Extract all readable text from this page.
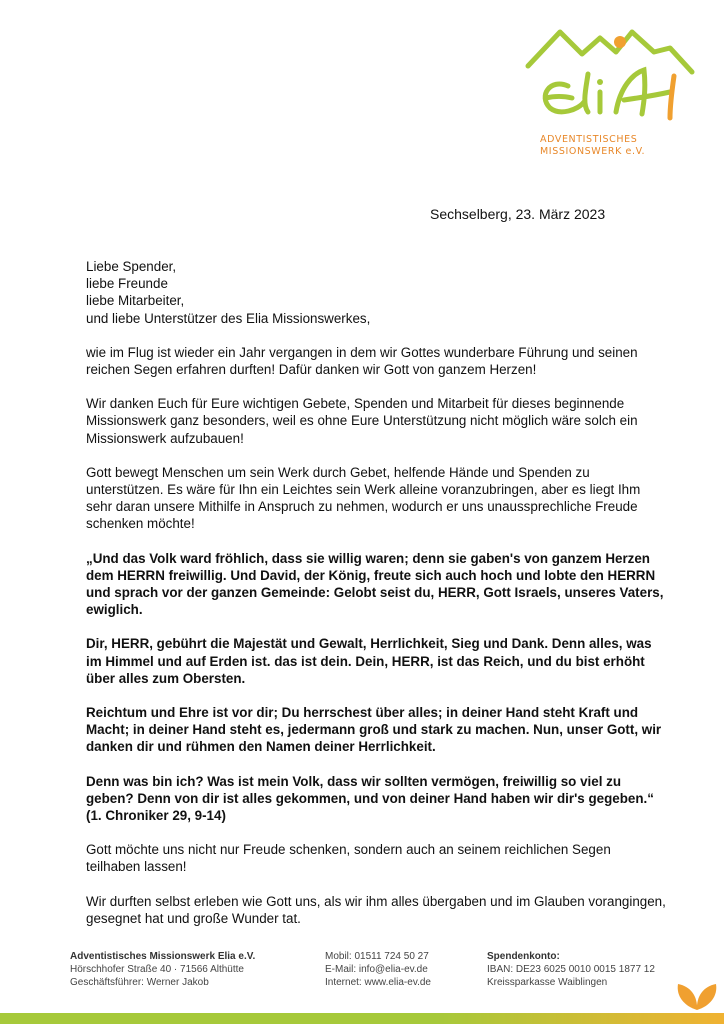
ADVENTISTISCHES
MISSIONSWERK e.V.
Sechselberg, 23. März 2023

Liebe Spender,
liebe Freunde
liebe Mitarbeiter,
und liebe Unterstützer des Elia Missionswerkes,

wie im Flug ist wieder ein Jahr vergangen in dem wir Gottes wunderbare Führung und seinen reichen Segen erfahren durften! Dafür danken wir Gott von ganzem Herzen!

Wir danken Euch für Eure wichtigen Gebete, Spenden und Mitarbeit für dieses beginnende Missionswerk ganz besonders, weil es ohne Eure Unterstützung nicht möglich wäre solch ein Missionswerk aufzubauen!

Gott bewegt Menschen um sein Werk durch Gebet, helfende Hände und Spenden zu unterstützen. Es wäre für Ihn ein Leichtes sein Werk alleine voranzubringen, aber es liegt Ihm sehr daran unsere Mithilfe in Anspruch zu nehmen, wodurch er uns unaussprechliche Freude schenken möchte!

„Und das Volk ward fröhlich, dass sie willig waren; denn sie gaben's von ganzem Herzen dem HERRN freiwillig. Und David, der König, freute sich auch hoch und lobte den HERRN und sprach vor der ganzen Gemeinde: Gelobt seist du, HERR, Gott Israels, unseres Vaters, ewiglich.

Dir, HERR, gebührt die Majestät und Gewalt, Herrlichkeit, Sieg und Dank. Denn alles, was im Himmel und auf Erden ist. das ist dein. Dein, HERR, ist das Reich, und du bist erhöht über alles zum Obersten.

Reichtum und Ehre ist vor dir; Du herrschest über alles; in deiner Hand steht Kraft und Macht; in deiner Hand steht es, jedermann groß und stark zu machen. Nun, unser Gott, wir danken dir und rühmen den Namen deiner Herrlichkeit.

Denn was bin ich? Was ist mein Volk, dass wir sollten vermögen, freiwillig so viel zu geben? Denn von dir ist alles gekommen, und von deiner Hand haben wir dir's gegeben.“ (1. Chroniker 29, 9-14)

Gott möchte uns nicht nur Freude schenken, sondern auch an seinem reichlichen Segen teilhaben lassen!

Wir durften selbst erleben wie Gott uns, als wir ihm alles übergaben und im Glauben vorangingen, gesegnet hat und große Wunder tat.

Adventistisches Missionswerk Elia e.V.
Hörschhofer Straße 40 · 71566 Althütte
Geschäftsführer: Werner Jakob
Mobil: 01511 724 50 27
E-Mail: info@elia-ev.de
Internet: www.elia-ev.de
Spendenkonto:
IBAN: DE23 6025 0010 0015 1877 12
Kreissparkasse Waiblingen
